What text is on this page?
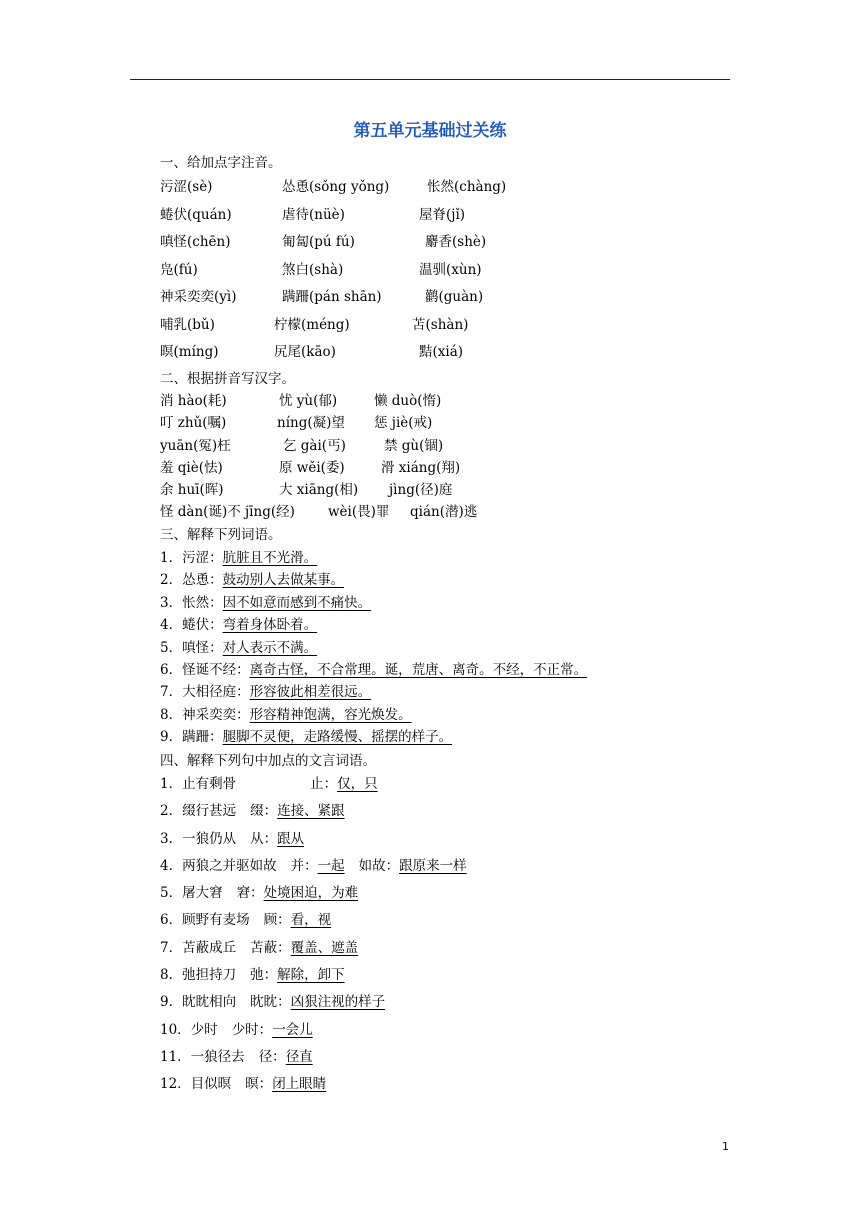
第五单元基础过关练
一、给加点字注音。
污涩(sè)	怂恿(sǒng yǒng)	怅然(chàng)
蜷伏(quán)	虐待(nüè)	屋脊(jǐ)
嗔怪(chēn)	匍匐(pú fú)	麝香(shè)
凫(fú)	煞白(shà)	温驯(xùn)
神采奕奕(yì)	蹒跚(pán shān)	鹳(guàn)
哺乳(bǔ)	柠檬(méng)	苫(shàn)
暝(míng)	尻尾(kāo)	黠(xiá)
二、根据拼音写汉字。
消 hào(耗)	忧 yù(郁)	懒 duò(惰)
叮 zhǔ(嘱)	níng(凝)望 惩 jiè(戒)
yuān(冤)枉	乞 gài(丐)	禁 gù(锢)
羞 qiè(怯)	原 wěi(委)	滑 xiáng(翔)
余 huī(晖)	大 xiāng(相) jìng(径)庭
怪 dàn(诞)不 jīng(经) wèi(畏)罪 qián(潜)逃
三、解释下列词语。
1．污涩：肮脏且不光滑。
2．怂恿：鼓动别人去做某事。
3．怅然：因不如意而感到不痛快。
4．蜷伏：弯着身体卧着。
5．嗔怪：对人表示不满。
6．怪诞不经：离奇古怪，不合常理。诞，荒唐、离奇。不经，不正常。
7．大相径庭：形容彼此相差很远。
8．神采奕奕：形容精神饱满，容光焕发。
9．蹒跚：腿脚不灵便，走路缓慢、摇摆的样子。
四、解释下列句中加点的文言词语。
1．止有剩骨	止：仅，只
2．缀行甚远 缀：连接、紧跟
3．一狼仍从 从：跟从
4．两狼之并驱如故 并：一起 如故：跟原来一样
5．屠大窘 窘：处境困迫，为难
6．顾野有麦场 顾：看，视
7．苫蔽成丘 苫蔽：覆盖、遮盖
8．弛担持刀 弛：解除，卸下
9．眈眈相向 眈眈：凶狠注视的样子
10．少时 少时：一会儿
11．一狼径去 径：径直
12．目似暝 暝：闭上眼睛
1
